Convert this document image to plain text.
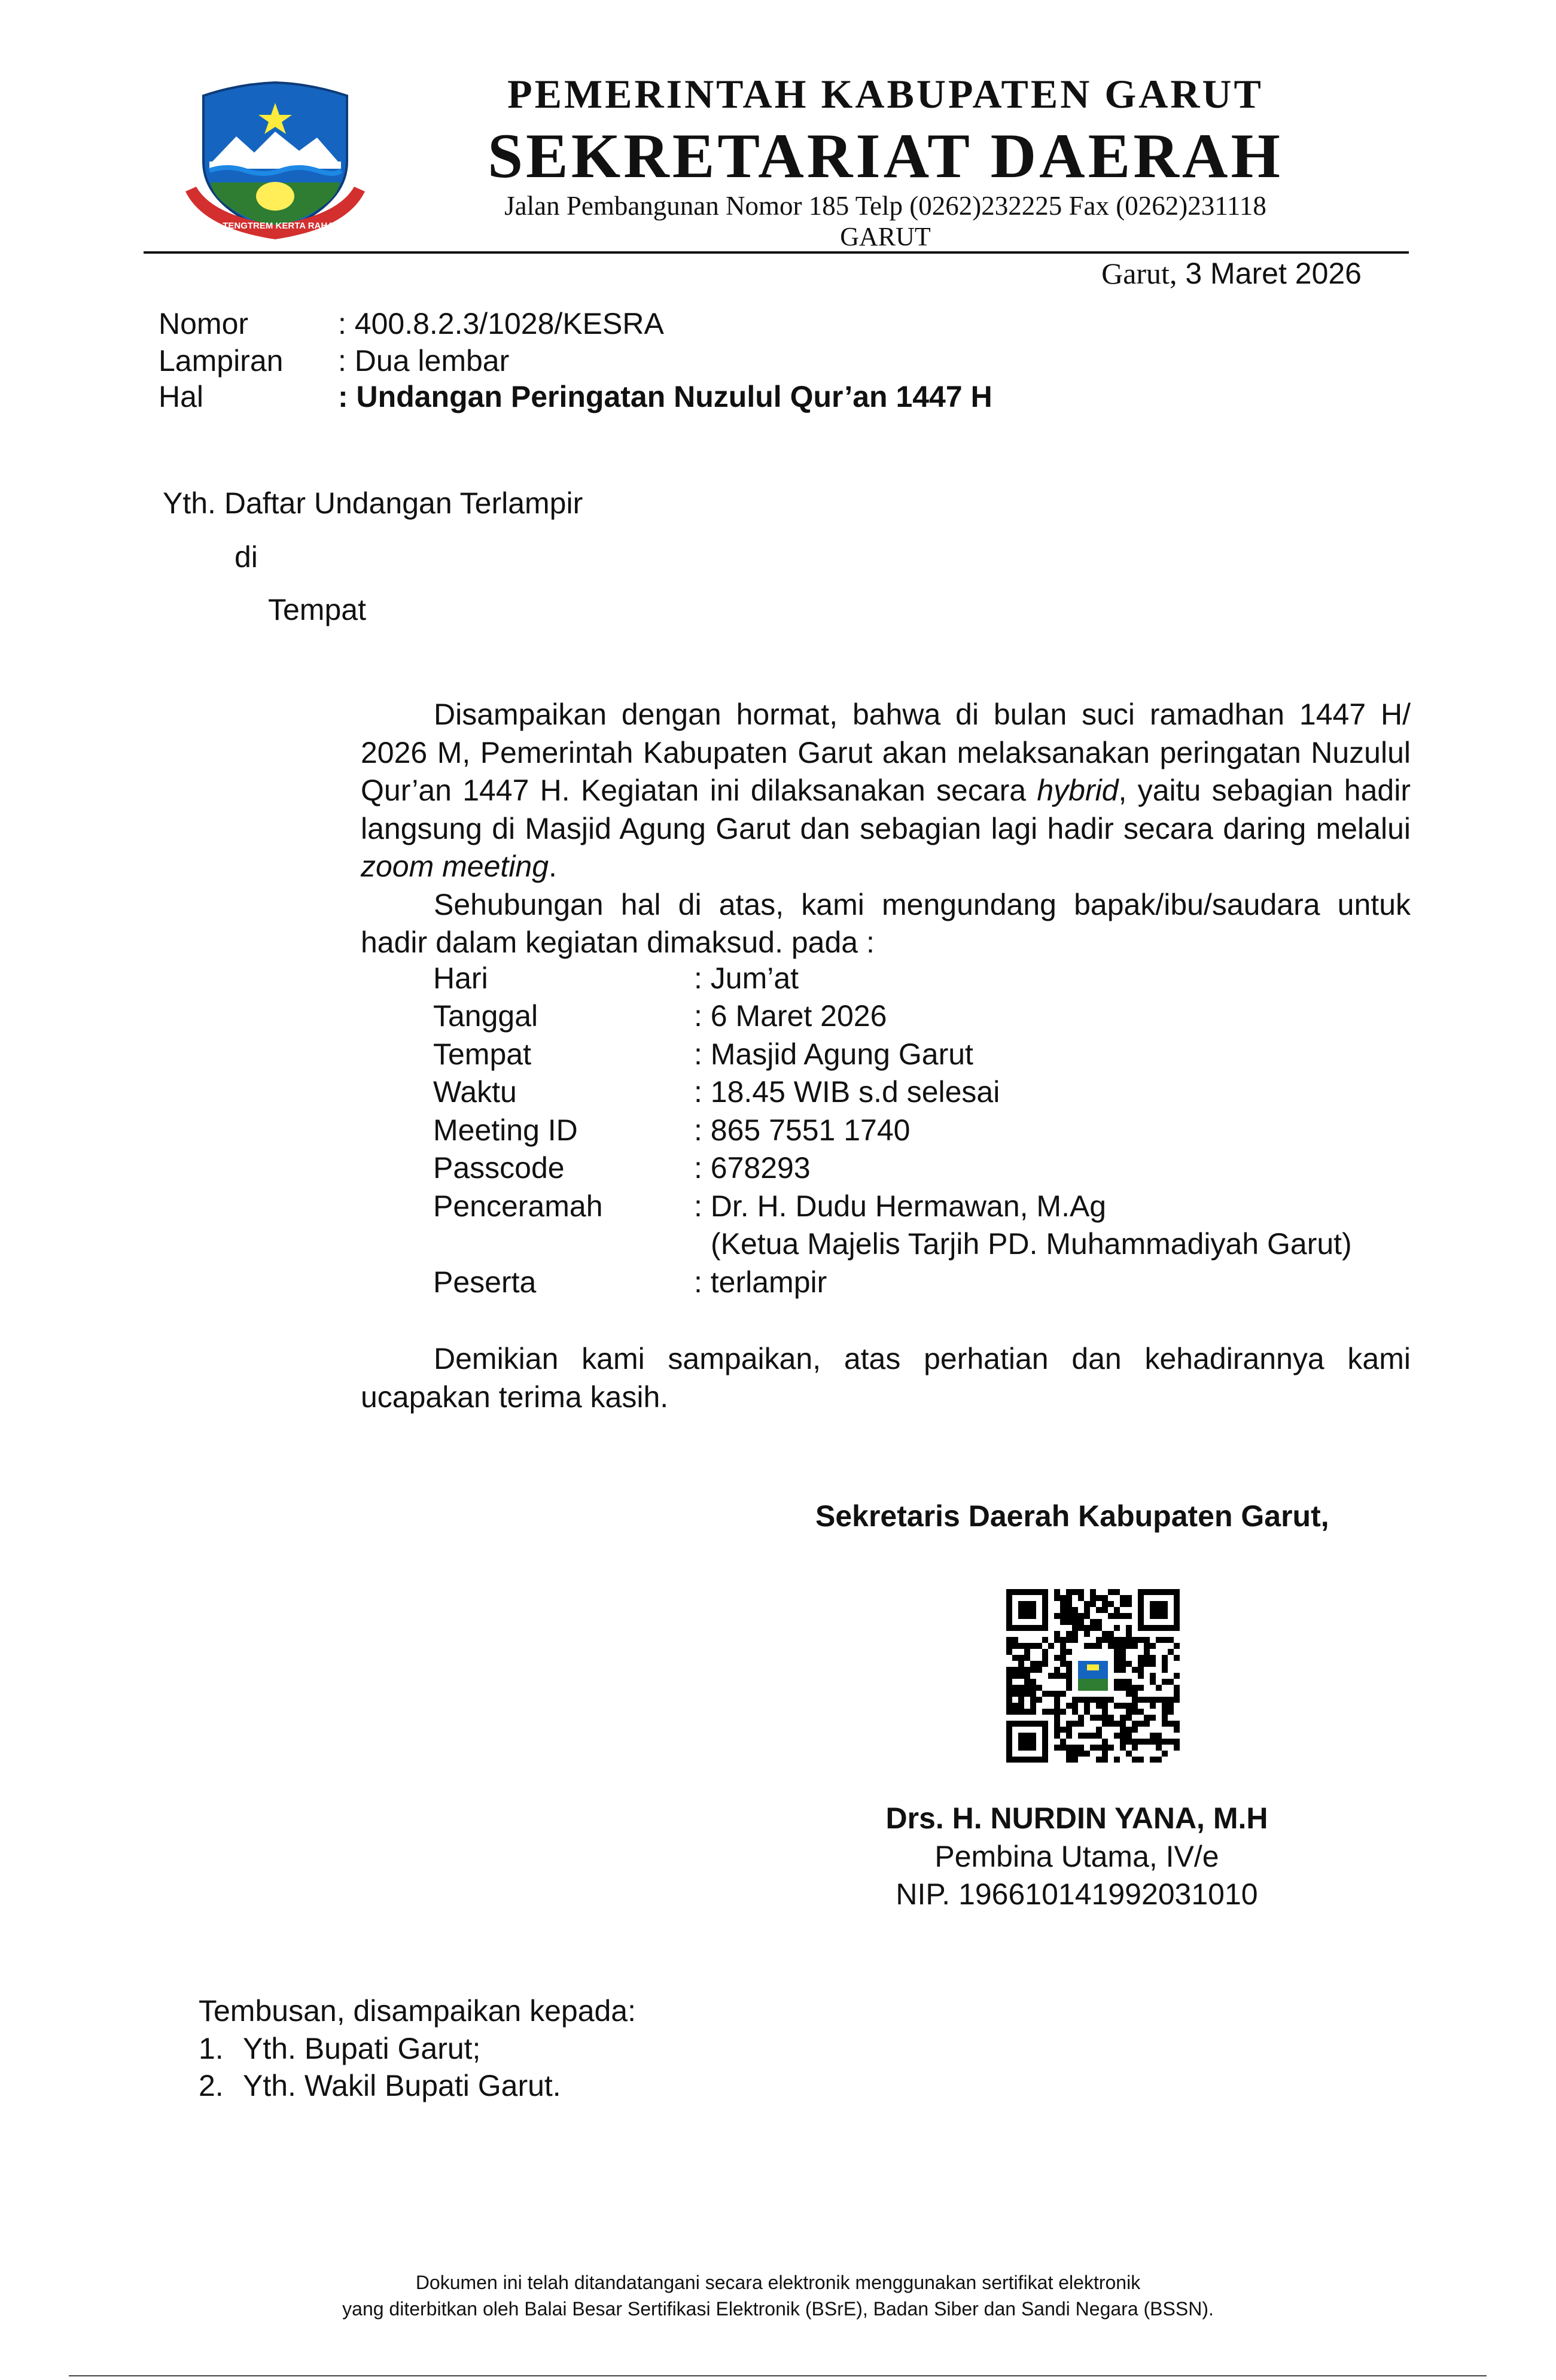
TATA TENGTREM KERTA RAHARJA
PEMERINTAH KABUPATEN GARUT
SEKRETARIAT DAERAH
Jalan Pembangunan Nomor 185 Telp (0262)232225 Fax (0262)231118
GARUT
Garut, 3 Maret 2026
Nomor	: 400.8.2.3/1028/KESRA
Lampiran : Dua lembar
Hal	: Undangan Peringatan Nuzulul Qur’an 1447 H
Yth. Daftar Undangan Terlampir
di
Tempat

Disampaikan dengan hormat, bahwa di bulan suci ramadhan 1447 H/ 2026 M, Pemerintah Kabupaten Garut akan melaksanakan peringatan Nuzulul Qur’an 1447 H. Kegiatan ini dilaksanakan secara hybrid, yaitu sebagian hadir langsung di Masjid Agung Garut dan sebagian lagi hadir secara daring melalui zoom meeting.

Sehubungan hal di atas, kami mengundang bapak/ibu/saudara untuk hadir dalam kegiatan dimaksud. pada :

Hari	: Jum’at
Tanggal	: 6 Maret 2026
Tempat	: Masjid Agung Garut
Waktu	: 18.45 WIB s.d selesai
Meeting ID	: 865 7551 1740
Passcode	: 678293
Penceramah	: Dr. H. Dudu Hermawan, M.Ag
(Ketua Majelis Tarjih PD. Muhammadiyah Garut)
Peserta	: terlampir

Demikian kami sampaikan, atas perhatian dan kehadirannya kami ucapakan terima kasih.

Sekretaris Daerah Kabupaten Garut,
Drs. H. NURDIN YANA, M.H
Pembina Utama, IV/e
NIP. 196610141992031010
Tembusan, disampaikan kepada:
1. Yth. Bupati Garut;
2. Yth. Wakil Bupati Garut.
Dokumen ini telah ditandatangani secara elektronik menggunakan sertifikat elektronik
yang diterbitkan oleh Balai Besar Sertifikasi Elektronik (BSrE), Badan Siber dan Sandi Negara (BSSN).
